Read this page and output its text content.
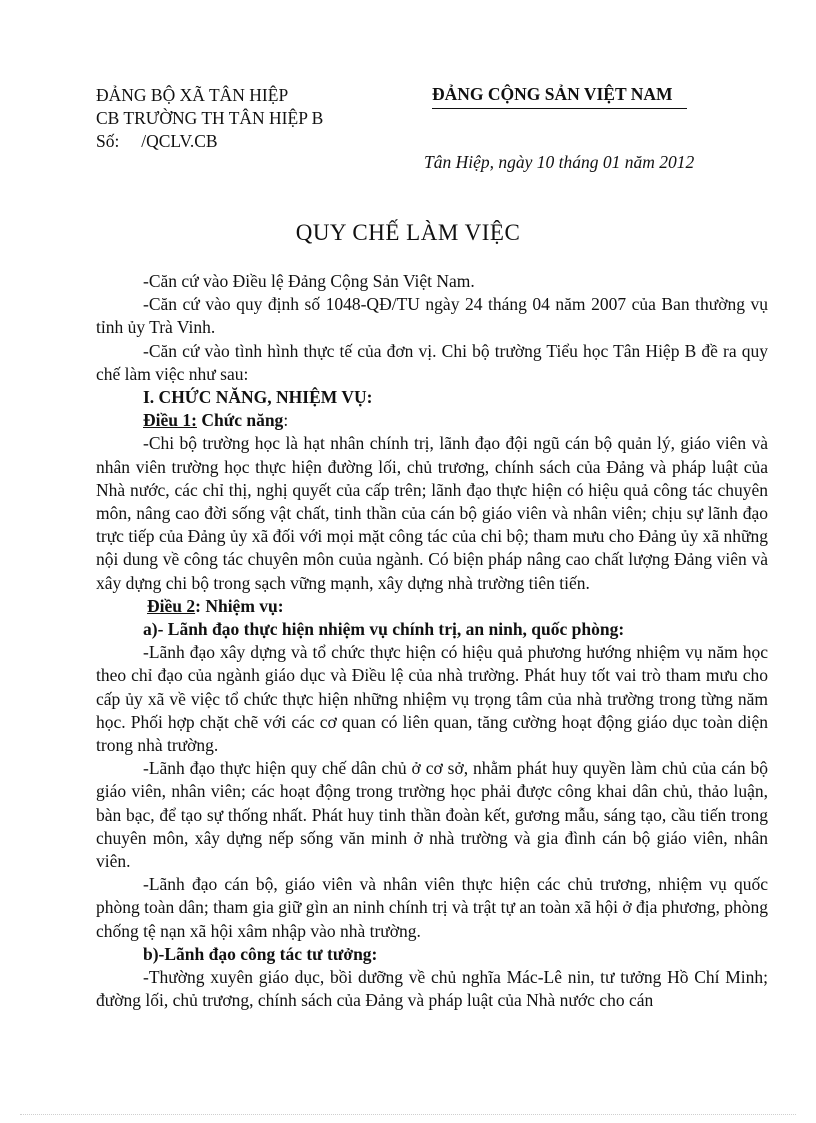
ĐẢNG BỘ XÃ TÂN HIỆP
CB TRƯỜNG TH TÂN HIỆP B
Số:     /QCLV.CB
ĐẢNG CỘNG SẢN VIỆT NAM
Tân Hiệp, ngày 10 tháng 01 năm 2012
QUY CHẾ LÀM VIỆC

-Căn cứ vào Điều lệ Đảng Cộng Sản Việt Nam.

-Căn cứ vào quy định số 1048-QĐ/TU ngày 24 tháng 04 năm 2007 của Ban thường vụ tỉnh ủy Trà Vinh.

-Căn cứ vào tình hình thực tế của đơn vị. Chi bộ trường Tiểu học Tân Hiệp B đề ra quy chế làm việc như sau:

I. CHỨC NĂNG, NHIỆM VỤ:

Điều 1: Chức năng:

-Chi bộ trường học là hạt nhân chính trị, lãnh đạo đội ngũ cán bộ quản lý, giáo viên và nhân viên trường học thực hiện đường lối, chủ trương, chính sách của Đảng và pháp luật của Nhà nước, các chỉ thị, nghị quyết của cấp trên; lãnh đạo thực hiện có hiệu quả công tác chuyên môn, nâng cao đời sống vật chất, tinh thần của cán bộ giáo viên và nhân viên; chịu sự lãnh đạo trực tiếp của Đảng ủy xã đối với mọi mặt công tác của chi bộ; tham mưu cho Đảng ủy xã những nội dung về công tác chuyên môn cuủa ngành. Có biện pháp nâng cao chất lượng Đảng viên và xây dựng chi bộ trong sạch vững mạnh, xây dựng nhà trường tiên tiến.

Điều 2: Nhiệm vụ:

a)- Lãnh đạo thực hiện nhiệm vụ chính trị, an ninh, quốc phòng:

-Lãnh đạo xây dựng và tổ chức thực hiện có hiệu quả phương hướng nhiệm vụ năm học theo chỉ đạo của ngành giáo dục và Điều lệ của nhà trường. Phát huy tốt vai trò tham mưu cho cấp ủy xã về việc tổ chức thực hiện những nhiệm vụ trọng tâm của nhà trường trong từng năm học. Phối hợp chặt chẽ với các cơ quan có liên quan, tăng cường hoạt động giáo dục toàn diện trong nhà trường.

-Lãnh đạo thực hiện quy chế dân chủ ở cơ sở, nhằm phát huy quyền làm chủ của cán bộ giáo viên, nhân viên; các hoạt động trong trường học phải được công khai dân chủ, thảo luận, bàn bạc, để tạo sự thống nhất. Phát huy tinh thần đoàn kết, gương mẫu, sáng tạo, cầu tiến trong chuyên môn, xây dựng nếp sống văn minh ở nhà trường và gia đình cán bộ giáo viên, nhân viên.

-Lãnh đạo cán bộ, giáo viên và nhân viên thực hiện các chủ trương, nhiệm vụ quốc phòng toàn dân; tham gia giữ gìn an ninh chính trị và trật tự an toàn xã hội ở địa phương, phòng chống tệ nạn xã hội xâm nhập vào nhà trường.

b)-Lãnh đạo công tác tư tưởng:

-Thường xuyên giáo dục, bồi dưỡng về chủ nghĩa Mác-Lê nin, tư tưởng Hồ Chí Minh; đường lối, chủ trương, chính sách của Đảng và pháp luật của Nhà nước cho cán
